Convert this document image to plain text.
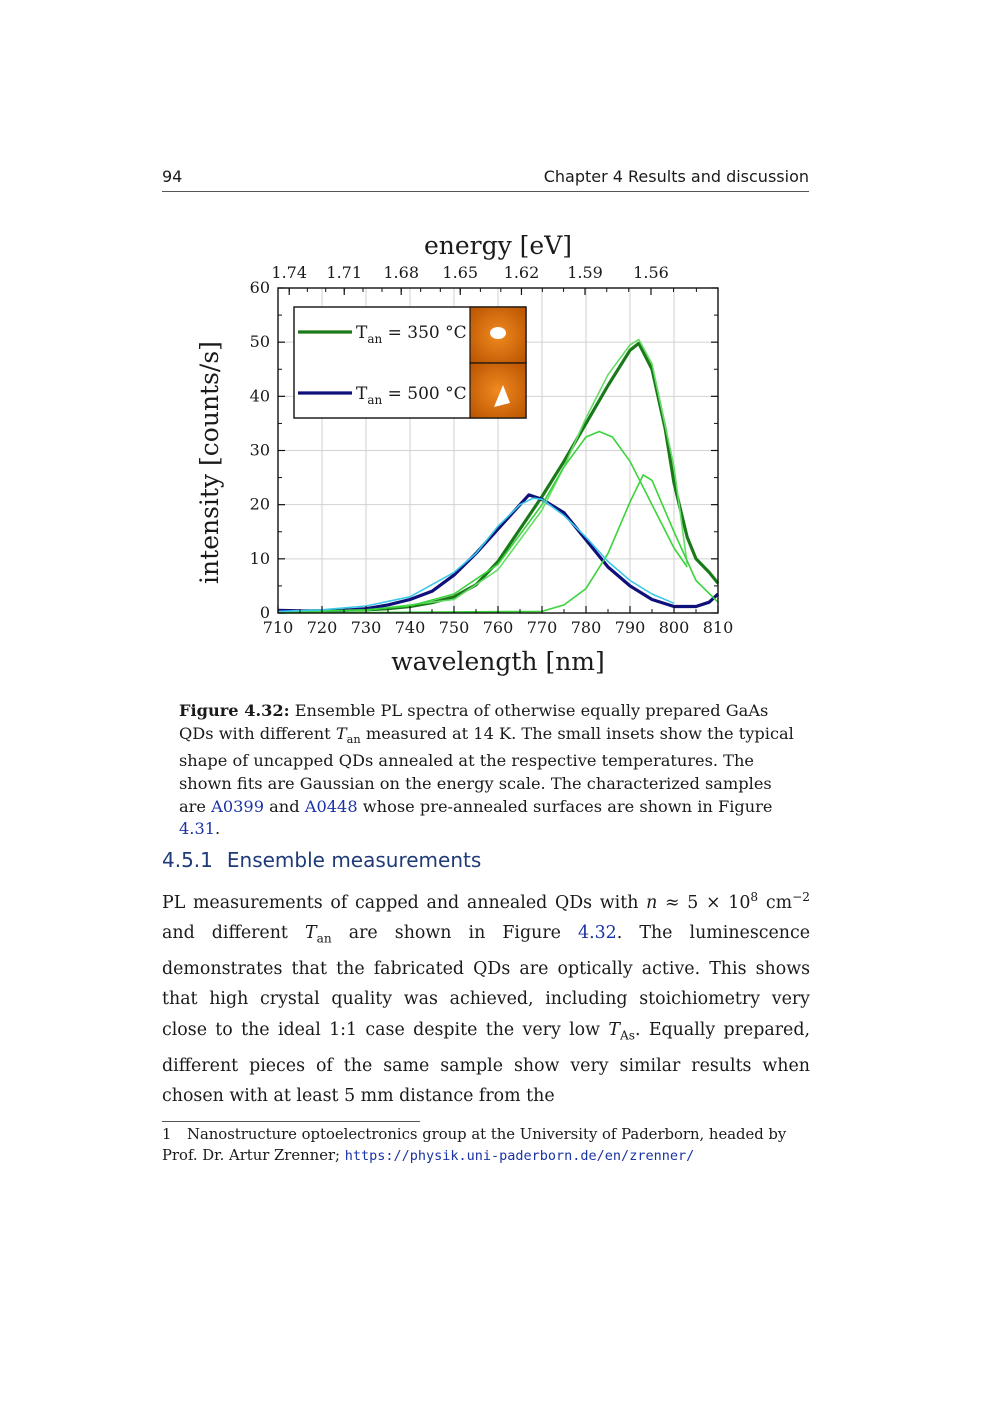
94	Chapter 4 Results and discussion
710 720 730 740 750 760 770 780 790 800 810
0
10
20
30
40
50
60
1.74 1.71 1.68 1.65 1.62 1.59 1.56
energy [eV]
wavelength [nm]
intensity [counts/s]
$T_{an} = 350$ °C
$T_{an} = 500$ °C
Figure 4.32: Ensemble PL spectra of otherwise equally prepared GaAs QDs with different $T_{an}$ measured at 14 K. The small insets show the typical shape of uncapped QDs annealed at the respective temperatures. The shown fits are Gaussian on the energy scale. The characterized samples are A0399 and A0448 whose pre-annealed surfaces are shown in Figure 4.31.
4.5.1 Ensemble measurements
PL measurements of capped and annealed QDs with $n \approx 5 \times 10^8$ $cm^{-2}$ and different $T_{an}$ are shown in Figure 4.32. The luminescence demonstrates that the fabricated QDs are optically active. This shows that high crystal quality was achieved, including stoichiometry very close to the ideal 1:1 case despite the very low $T_{As}$. Equally prepared, different pieces of the same sample show very similar results when chosen with at least 5 mm distance from the
1 Nanostructure optoelectronics group at the University of Paderborn, headed by Prof. Dr. Artur Zrenner; https://physik.uni-paderborn.de/en/zrenner/
